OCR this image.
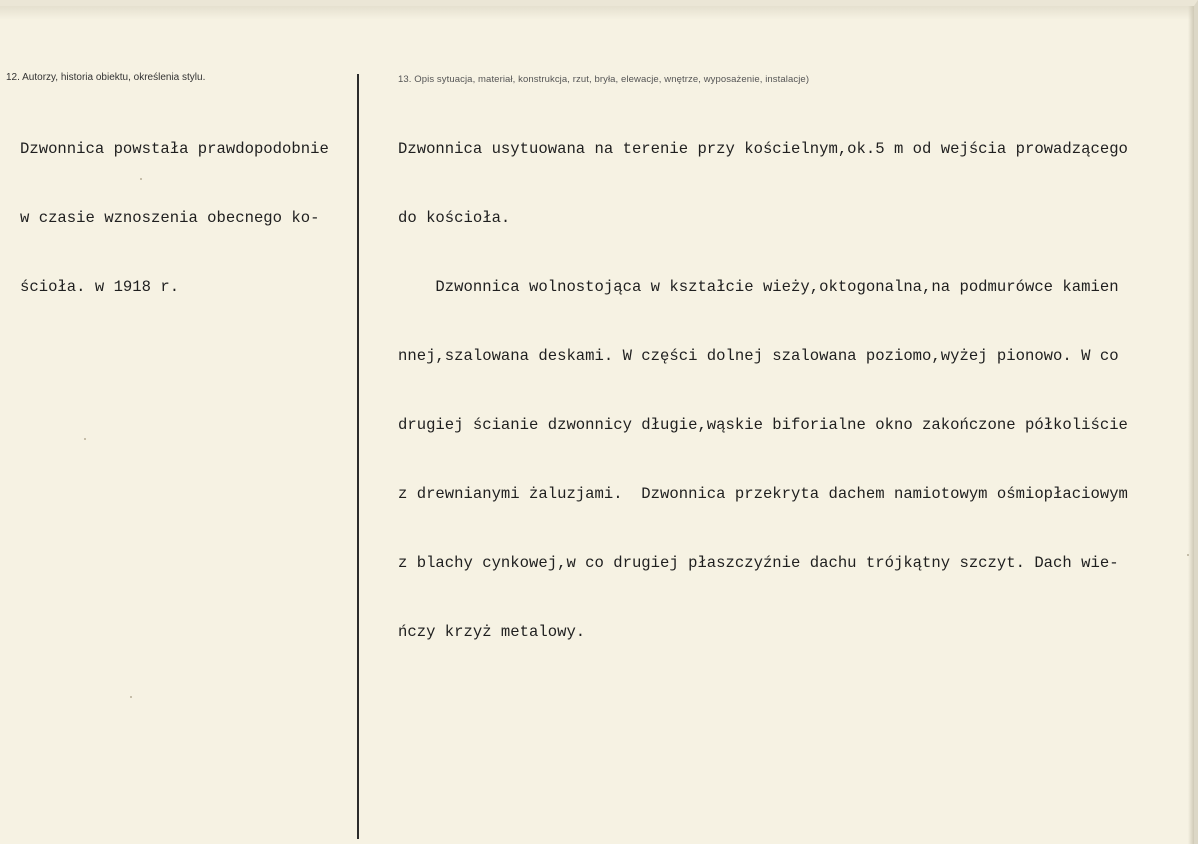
12. Autorzy, historia obiektu, określenia stylu.	13. Opis sytuacja, materiał, konstrukcja, rzut, bryła, elewacje, wnętrze, wyposażenie, instalacje)

Dzwonnica powstała prawdopodobnie

w czasie wznoszenia obecnego ko-

ścioła. w 1918 r.

Dzwonnica usytuowana na terenie przy kościelnym,ok.5 m od wejścia prowadzącego

do kościoła.

Dzwonnica wolnostojąca w kształcie wieży,oktogonalna,na podmurówce kamien

nnej,szalowana deskami. W części dolnej szalowana poziomo,wyżej pionowo. W co

drugiej ścianie dzwonnicy długie,wąskie biforialne okno zakończone półkoliście

z drewnianymi żaluzjami.  Dzwonnica przekryta dachem namiotowym ośmiopłaciowym

z blachy cynkowej,w co drugiej płaszczyźnie dachu trójkątny szczyt. Dach wie-

ńczy krzyż metalowy.
